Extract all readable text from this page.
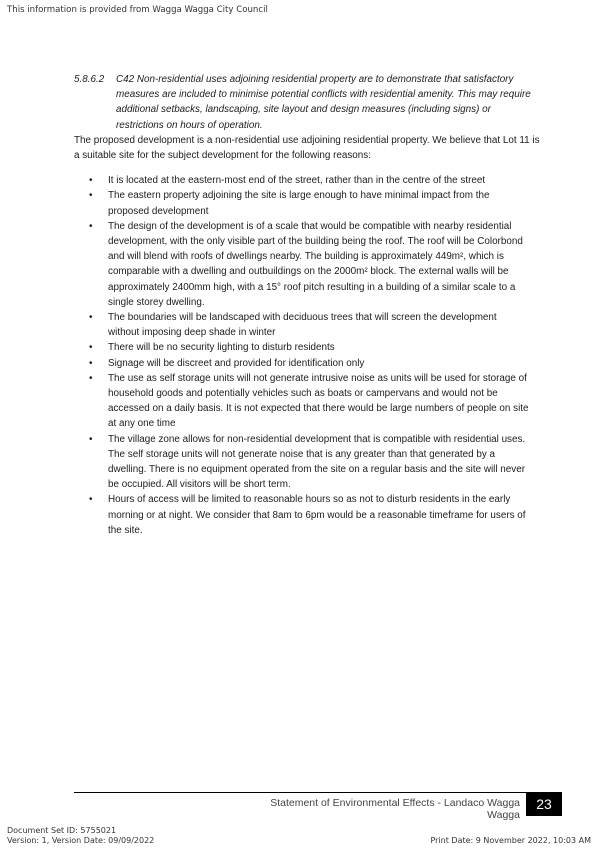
This information is provided from Wagga Wagga City Council
5.8.6.2	C42 Non-residential uses adjoining residential property are to demonstrate that satisfactory measures are included to minimise potential conflicts with residential amenity. This may require additional setbacks, landscaping, site layout and design measures (including signs) or restrictions on hours of operation.
The proposed development is a non-residential use adjoining residential property. We believe that Lot 11 is a suitable site for the subject development for the following reasons:
• It is located at the eastern-most end of the street, rather than in the centre of the street
• The eastern property adjoining the site is large enough to have minimal impact from the proposed development
• The design of the development is of a scale that would be compatible with nearby residential development, with the only visible part of the building being the roof. The roof will be Colorbond and will blend with roofs of dwellings nearby. The building is approximately 449m², which is comparable with a dwelling and outbuildings on the 2000m² block. The external walls will be approximately 2400mm high, with a 15° roof pitch resulting in a building of a similar scale to a single storey dwelling.
• The boundaries will be landscaped with deciduous trees that will screen the development without imposing deep shade in winter
• There will be no security lighting to disturb residents
• Signage will be discreet and provided for identification only
• The use as self storage units will not generate intrusive noise as units will be used for storage of household goods and potentially vehicles such as boats or campervans and would not be accessed on a daily basis. It is not expected that there would be large numbers of people on site at any one time
• The village zone allows for non-residential development that is compatible with residential uses. The self storage units will not generate noise that is any greater than that generated by a dwelling. There is no equipment operated from the site on a regular basis and the site will never be occupied. All visitors will be short term.
• Hours of access will be limited to reasonable hours so as not to disturb residents in the early morning or at night. We consider that 8am to 6pm would be a reasonable timeframe for users of the site.
Statement of Environmental Effects - Landaco Wagga Wagga
23
Document Set ID: 5755021
Version: 1, Version Date: 09/09/2022	Print Date: 9 November 2022, 10:03 AM
